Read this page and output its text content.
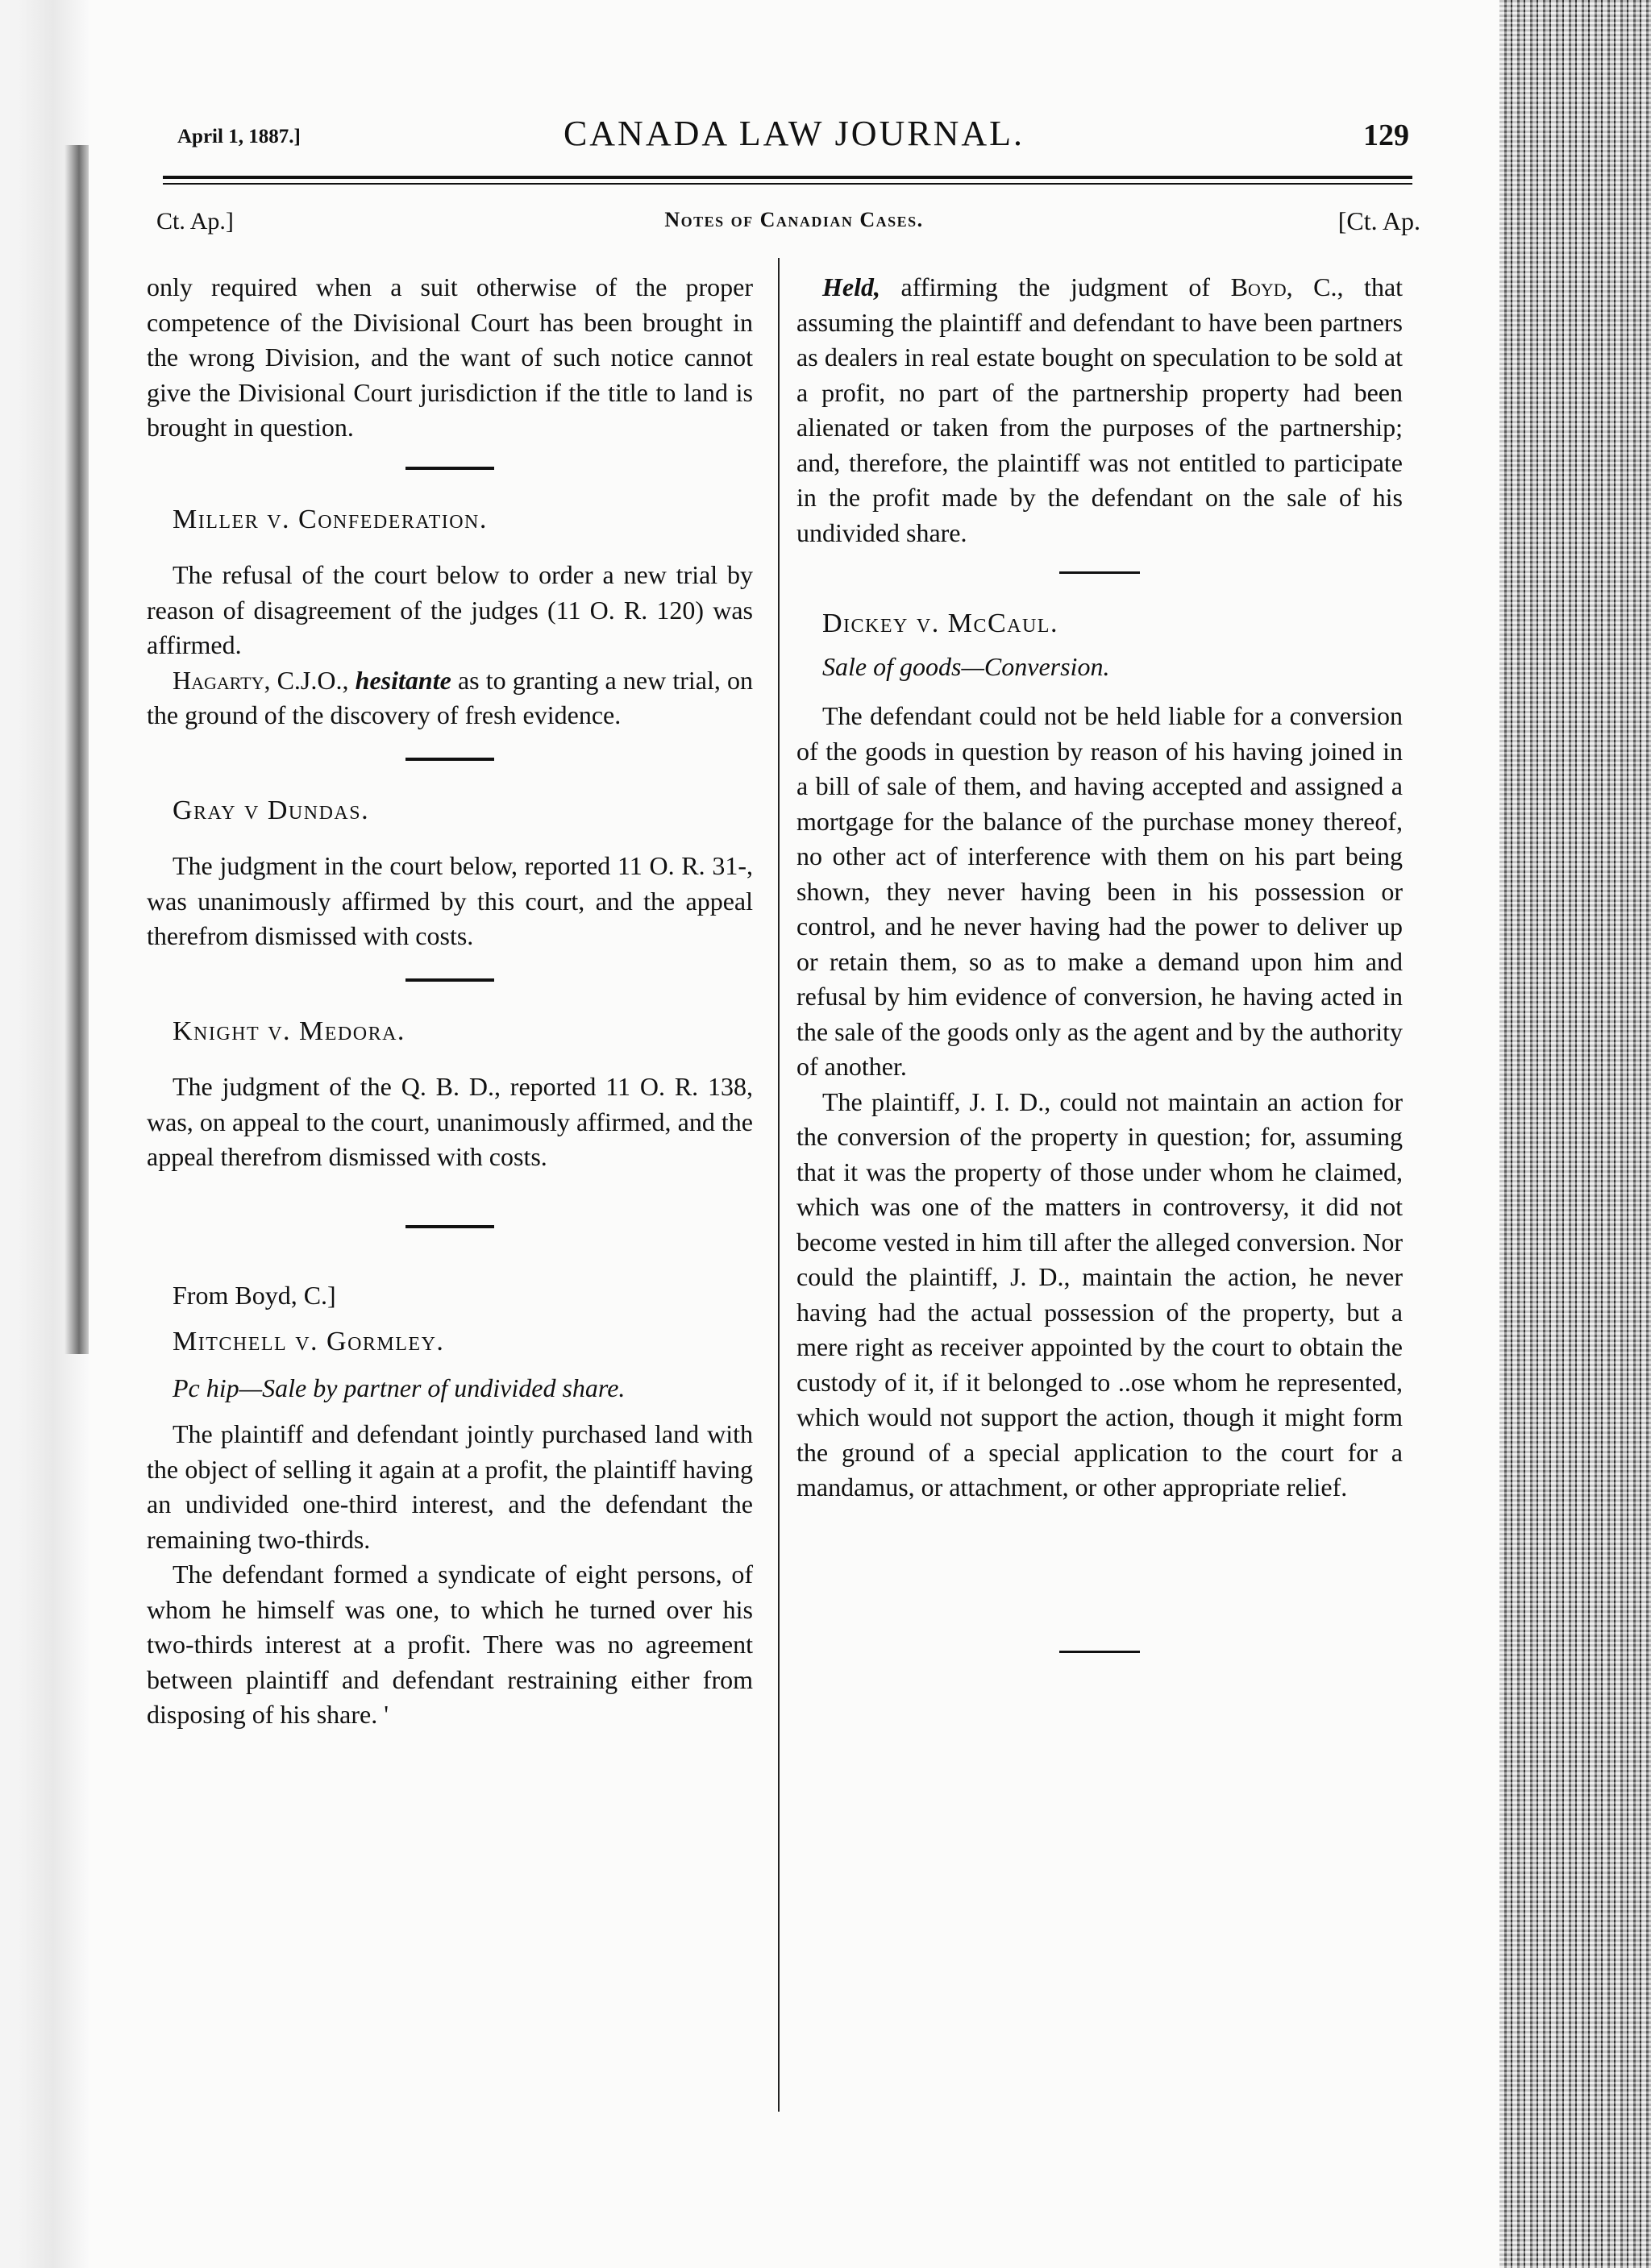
April 1, 1887.]	CANADA LAW JOURNAL.	129
Ct. Ap.]	Notes of Canadian Cases.	[Ct. Ap.

only required when a suit otherwise of the proper competence of the Divisional Court has been brought in the wrong Division, and the want of such notice cannot give the Divisional Court jurisdiction if the title to land is brought in question.

Miller v. Confederation.

The refusal of the court below to order a new trial by reason of disagreement of the judges (11 O. R. 120) was affirmed.

Hagarty, C.J.O., hesitante as to granting a new trial, on the ground of the discovery of fresh evidence.

Gray v Dundas.

The judgment in the court below, reported 11 O. R. 31-, was unanimously affirmed by this court, and the appeal therefrom dismissed with costs.

Knight v. Medora.

The judgment of the Q. B. D., reported 11 O. R. 138, was, on appeal to the court, unanimously affirmed, and the appeal therefrom dismissed with costs.

From Boyd, C.]

Mitchell v. Gormley.

Pc hip—Sale by partner of undivided share.

The plaintiff and defendant jointly purchased land with the object of selling it again at a profit, the plaintiff having an undivided one-third interest, and the defendant the remaining two-thirds.

The defendant formed a syndicate of eight persons, of whom he himself was one, to which he turned over his two-thirds interest at a profit. There was no agreement between plaintiff and defendant restraining either from disposing of his share. '

Held, affirming the judgment of Boyd, C., that assuming the plaintiff and defendant to have been partners as dealers in real estate bought on speculation to be sold at a profit, no part of the partnership property had been alienated or taken from the purposes of the partnership; and, therefore, the plaintiff was not entitled to participate in the profit made by the defendant on the sale of his undivided share.

Dickey v. McCaul.

Sale of goods—Conversion.

The defendant could not be held liable for a conversion of the goods in question by reason of his having joined in a bill of sale of them, and having accepted and assigned a mortgage for the balance of the purchase money thereof, no other act of interference with them on his part being shown, they never having been in his possession or control, and he never having had the power to deliver up or retain them, so as to make a demand upon him and refusal by him evidence of conversion, he having acted in the sale of the goods only as the agent and by the authority of another.

The plaintiff, J. I. D., could not maintain an action for the conversion of the property in question; for, assuming that it was the property of those under whom he claimed, which was one of the matters in controversy, it did not become vested in him till after the alleged conversion. Nor could the plaintiff, J. D., maintain the action, he never having had the actual possession of the property, but a mere right as receiver appointed by the court to obtain the custody of it, if it belonged to ..ose whom he represented, which would not support the action, though it might form the ground of a special application to the court for a mandamus, or attachment, or other appropriate relief.
